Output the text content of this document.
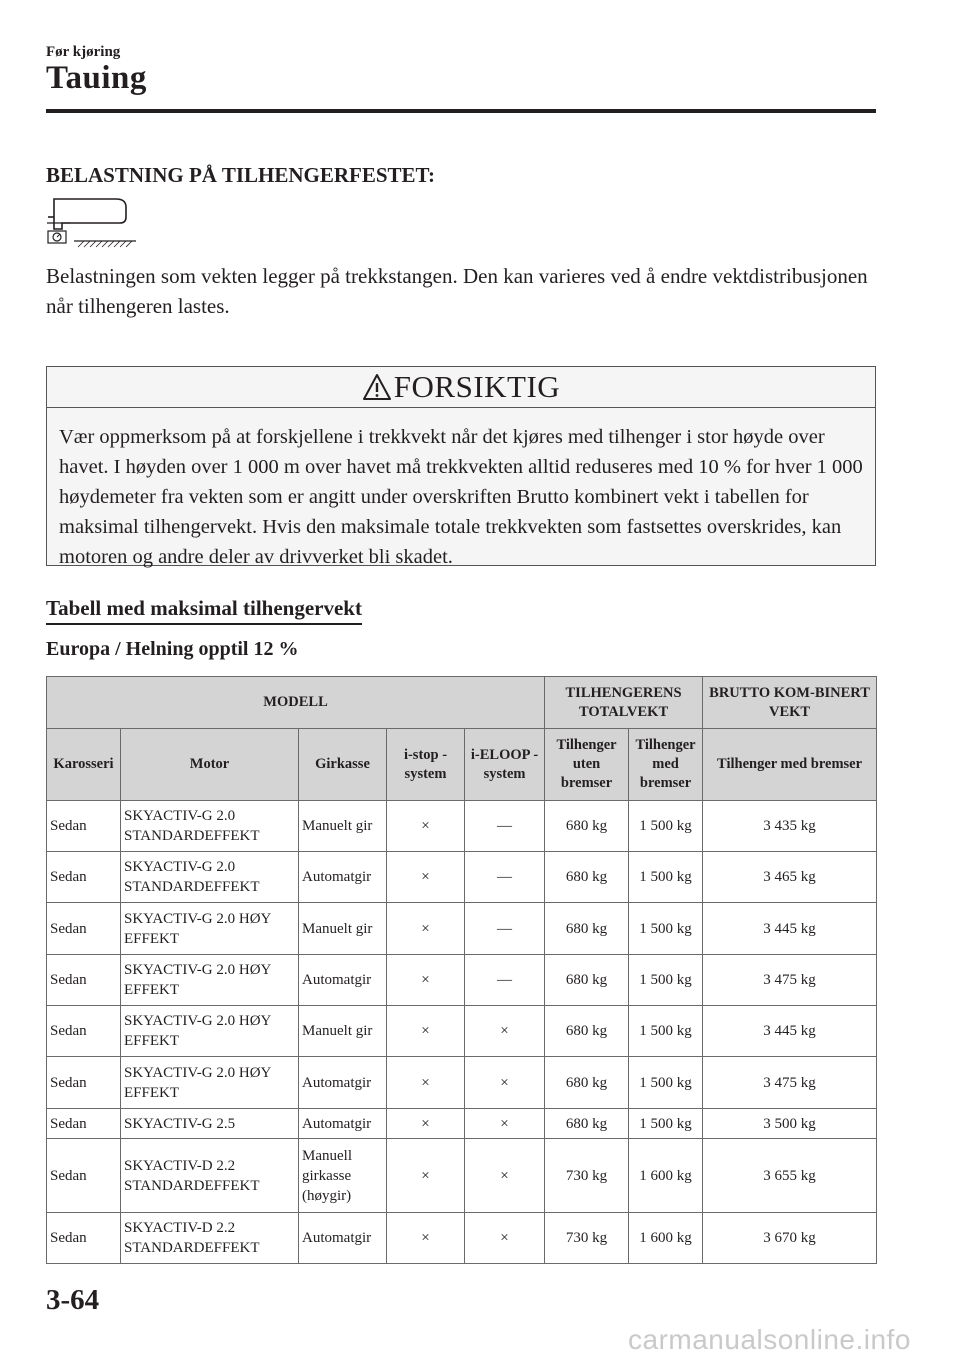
Før kjøring
Tauing
BELASTNING PÅ TILHENGERFESTET:
Belastningen som vekten legger på trekkstangen. Den kan varieres ved å endre vektdistribusjonen når tilhengeren lastes.
FORSIKTIG
Vær oppmerksom på at forskjellene i trekkvekt når det kjøres med tilhenger i stor høyde over havet. I høyden over 1 000 m over havet må trekkvekten alltid reduseres med 10 % for hver 1 000 høydemeter fra vekten som er angitt under overskriften Brutto kombinert vekt i tabellen for maksimal tilhengervekt. Hvis den maksimale totale trekkvekten som fastsettes overskrides, kan motoren og andre deler av drivverket bli skadet.
Tabell med maksimal tilhengervekt
Europa / Helning opptil 12 %
MODELL					TILHENGERENS TOTALVEKT		BRUTTO KOM-BINERT VEKT
Karosseri	Motor	Girkasse	i-stop -system	i-ELOOP -system	Tilhenger uten bremser	Tilhenger med bremser	Tilhenger med bremser
Sedan	SKYACTIV-G 2.0 STANDARDEFFEKT	Manuelt gir	×	—	680 kg	1 500 kg	3 435 kg
Sedan	SKYACTIV-G 2.0 STANDARDEFFEKT	Automatgir	×	—	680 kg	1 500 kg	3 465 kg
Sedan	SKYACTIV-G 2.0 HØY EFFEKT	Manuelt gir	×	—	680 kg	1 500 kg	3 445 kg
Sedan	SKYACTIV-G 2.0 HØY EFFEKT	Automatgir	×	—	680 kg	1 500 kg	3 475 kg
Sedan	SKYACTIV-G 2.0 HØY EFFEKT	Manuelt gir	×	×	680 kg	1 500 kg	3 445 kg
Sedan	SKYACTIV-G 2.0 HØY EFFEKT	Automatgir	×	×	680 kg	1 500 kg	3 475 kg
Sedan	SKYACTIV-G 2.5	Automatgir	×	×	680 kg	1 500 kg	3 500 kg
Sedan	SKYACTIV-D 2.2 STANDARDEFFEKT	Manuell girkasse (høygir)	×	×	730 kg	1 600 kg	3 655 kg
Sedan	SKYACTIV-D 2.2 STANDARDEFFEKT	Automatgir	×	×	730 kg	1 600 kg	3 670 kg
3-64
carmanualsonline.info
